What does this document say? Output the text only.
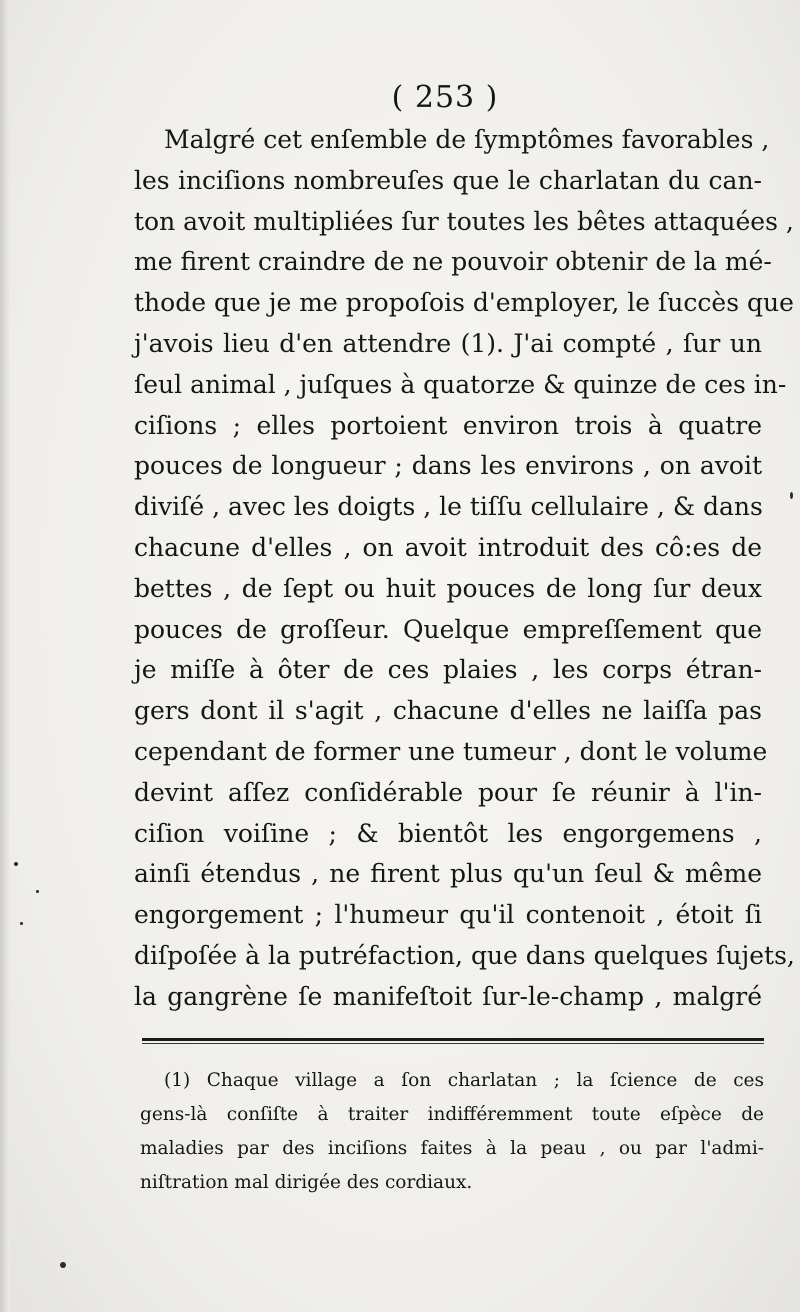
( 253 )
Malgré cet enſemble de ſymptômes favorables ,
les inciſions nombreuſes que le charlatan du can-
ton avoit multipliées ſur toutes les bêtes attaquées ,
me firent craindre de ne pouvoir obtenir de la mé-
thode que je me propoſois d'employer, le ſuccès que
j'avois lieu d'en attendre (1). J'ai compté , ſur un
ſeul animal , juſques à quatorze & quinze de ces in-
ciſions ; elles portoient environ trois à quatre
pouces de longueur ; dans les environs , on avoit
diviſé , avec les doigts , le tiſſu cellulaire , & dans
chacune d'elles , on avoit introduit des cô:es de
bettes , de ſept ou huit pouces de long ſur deux
pouces de groſſeur. Quelque empreſſement que
je miſſe à ôter de ces plaies , les corps étran-
gers dont il s'agit , chacune d'elles ne laiſſa pas
cependant de former une tumeur , dont le volume
devint aſſez conſidérable pour ſe réunir à l'in-
ciſion voiſine ; & bientôt les engorgemens ,
ainſi étendus , ne firent plus qu'un ſeul & même
engorgement ; l'humeur qu'il contenoit , étoit ſi
diſpoſée à la putréfaction, que dans quelques ſujets,
la gangrène ſe manifeſtoit ſur-le-champ , malgré
(1) Chaque village a ſon charlatan ; la ſcience de ces
gens-là conſiſte à traiter indifféremment toute eſpèce de
maladies par des inciſions faites à la peau , ou par l'admi-
niſtration mal dirigée des cordiaux.
